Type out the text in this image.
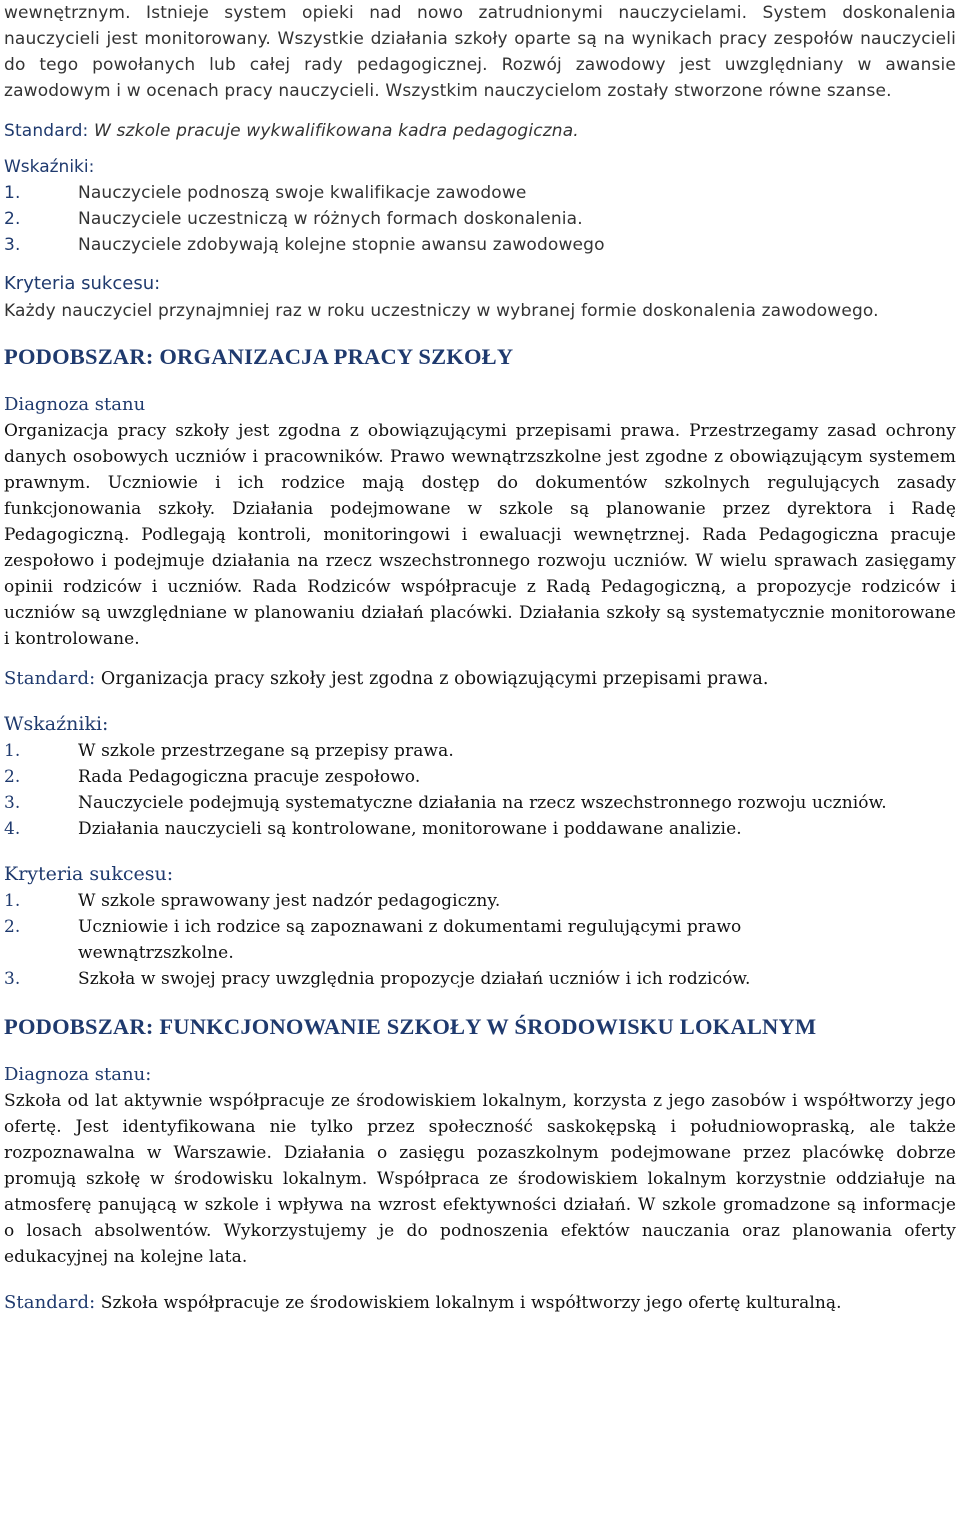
wewnętrznym. Istnieje system opieki nad nowo zatrudnionymi nauczycielami. System doskonalenia nauczycieli jest monitorowany. Wszystkie działania szkoły oparte są na wynikach pracy zespołów nauczycieli do tego powołanych lub całej rady pedagogicznej. Rozwój zawodowy jest uwzględniany w awansie zawodowym i w ocenach pracy nauczycieli. Wszystkim nauczycielom zostały stworzone równe szanse.

Standard: W szkole pracuje wykwalifikowana kadra pedagogiczna.

Wskaźniki:

1.	Nauczyciele podnoszą swoje kwalifikacje zawodowe
2.	Nauczyciele uczestniczą w różnych formach doskonalenia.
3.	Nauczyciele zdobywają kolejne stopnie awansu zawodowego

Kryteria sukcesu:

Każdy nauczyciel przynajmniej raz w roku uczestniczy w wybranej formie doskonalenia zawodowego.

PODOBSZAR: ORGANIZACJA PRACY SZKOŁY

Diagnoza stanu

Organizacja pracy szkoły jest zgodna z obowiązującymi przepisami prawa. Przestrzegamy zasad ochrony danych osobowych uczniów i pracowników. Prawo wewnątrzszkolne jest zgodne z obowiązującym systemem prawnym. Uczniowie i ich rodzice mają dostęp do dokumentów szkolnych regulujących zasady funkcjonowania szkoły. Działania podejmowane w szkole są planowanie przez dyrektora i Radę Pedagogiczną. Podlegają kontroli, monitoringowi i ewaluacji wewnętrznej. Rada Pedagogiczna pracuje zespołowo i podejmuje działania na rzecz wszechstronnego rozwoju uczniów. W wielu sprawach zasięgamy opinii rodziców i uczniów. Rada Rodziców współpracuje z Radą Pedagogiczną, a propozycje rodziców i uczniów są uwzględniane w planowaniu działań placówki. Działania szkoły są systematycznie monitorowane i kontrolowane.

Standard: Organizacja pracy szkoły jest zgodna z obowiązującymi przepisami prawa.

Wskaźniki:

1.	W szkole przestrzegane są przepisy prawa.
2.	Rada Pedagogiczna pracuje zespołowo.
3.	Nauczyciele podejmują systematyczne działania na rzecz wszechstronnego rozwoju uczniów.
4.	Działania nauczycieli są kontrolowane, monitorowane i poddawane analizie.

Kryteria sukcesu:

1.	W szkole sprawowany jest nadzór pedagogiczny.
2.	Uczniowie i ich rodzice są zapoznawani z dokumentami regulującymi prawo wewnątrzszkolne.
3.	Szkoła w swojej pracy uwzględnia propozycje działań uczniów i ich rodziców.
PODOBSZAR: FUNKCJONOWANIE SZKOŁY W ŚRODOWISKU LOKALNYM

Diagnoza stanu:

Szkoła od lat aktywnie współpracuje ze środowiskiem lokalnym, korzysta z jego zasobów i współtworzy jego ofertę. Jest identyfikowana nie tylko przez społeczność saskokępską i południowopraską, ale także rozpoznawalna w Warszawie. Działania o zasięgu pozaszkolnym podejmowane przez placówkę dobrze promują szkołę w środowisku lokalnym. Współpraca ze środowiskiem lokalnym korzystnie oddziałuje na atmosferę panującą w szkole i wpływa na wzrost efektywności działań. W szkole gromadzone są informacje o losach absolwentów. Wykorzystujemy je do podnoszenia efektów nauczania oraz planowania oferty edukacyjnej na kolejne lata.

Standard: Szkoła współpracuje ze środowiskiem lokalnym i współtworzy jego ofertę kulturalną.
